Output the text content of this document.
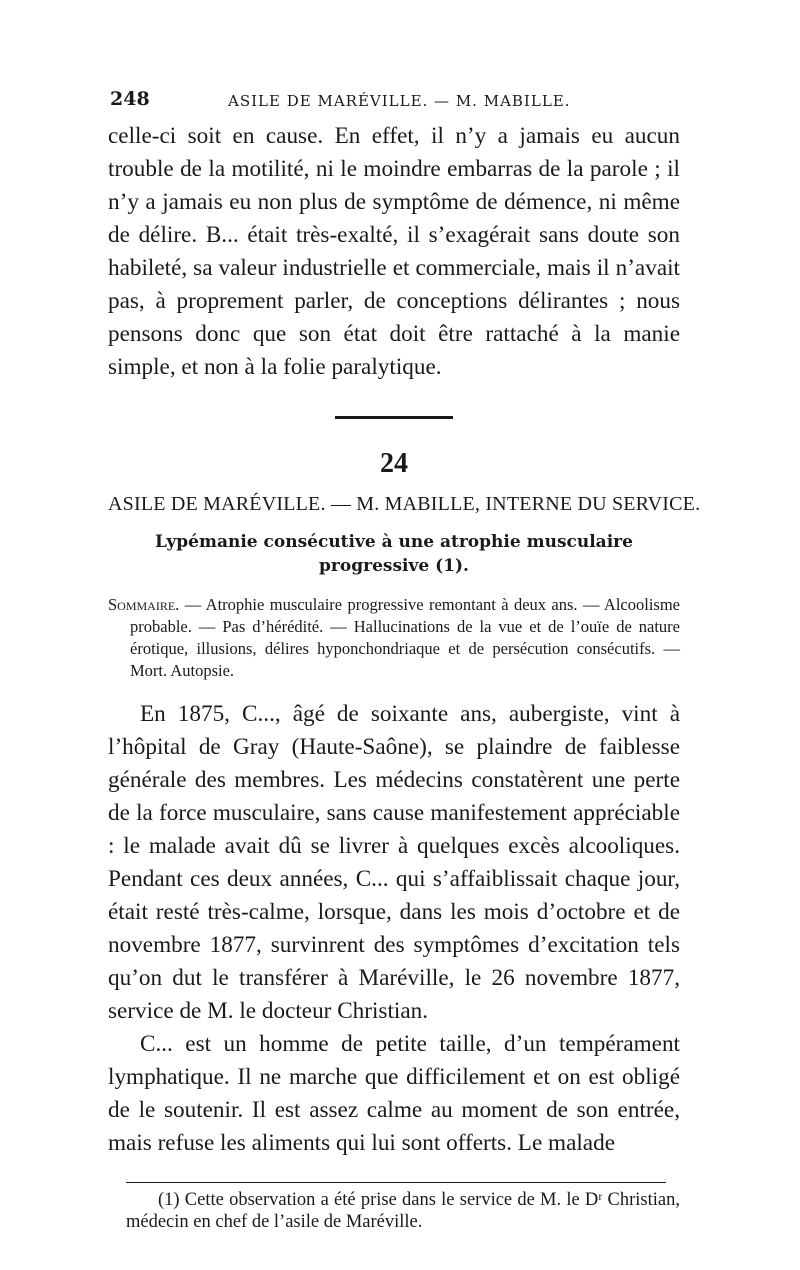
248	ASILE DE MARÉVILLE. — M. MABILLE.

celle-ci soit en cause. En effet, il n’y a jamais eu aucun trouble de la motilité, ni le moindre embarras de la parole ; il n’y a jamais eu non plus de symptôme de démence, ni même de délire. B... était très-exalté, il s’exagérait sans doute son habileté, sa valeur industrielle et commerciale, mais il n’avait pas, à proprement parler, de conceptions délirantes ; nous pensons donc que son état doit être rattaché à la manie simple, et non à la folie paralytique.

24
ASILE DE MARÉVILLE. — M. MABILLE, INTERNE DU SERVICE.
Lypémanie consécutive à une atrophie musculaire progressive (1).
Sommaire. — Atrophie musculaire progressive remontant à deux ans. — Alcoolisme probable. — Pas d’hérédité. — Hallucinations de la vue et de l’ouïe de nature érotique, illusions, délires hyponchondriaque et de persécution consécutifs. — Mort. Autopsie.

En 1875, C..., âgé de soixante ans, aubergiste, vint à l’hôpital de Gray (Haute-Saône), se plaindre de faiblesse générale des membres. Les médecins constatèrent une perte de la force musculaire, sans cause manifestement appréciable : le malade avait dû se livrer à quelques excès alcooliques. Pendant ces deux années, C... qui s’affaiblissait chaque jour, était resté très-calme, lorsque, dans les mois d’octobre et de novembre 1877, survinrent des symptômes d’excitation tels qu’on dut le transférer à Maréville, le 26 novembre 1877, service de M. le docteur Christian.

C... est un homme de petite taille, d’un tempérament lymphatique. Il ne marche que difficilement et on est obligé de le soutenir. Il est assez calme au moment de son entrée, mais refuse les aliments qui lui sont offerts. Le malade

(1) Cette observation a été prise dans le service de M. le Dʳ Christian, médecin en chef de l’asile de Maréville.
